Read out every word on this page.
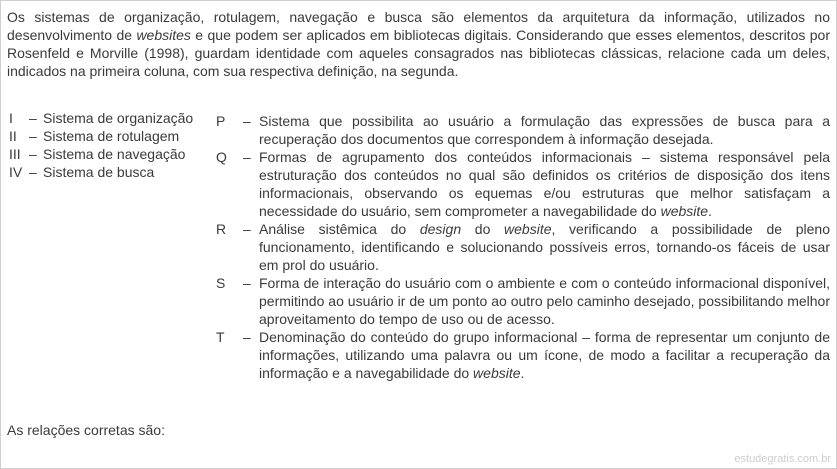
Os sistemas de organização, rotulagem, navegação e busca são elementos da arquitetura da informação, utilizados no desenvolvimento de websites e que podem ser aplicados em bibliotecas digitais. Considerando que esses elementos, descritos por Rosenfeld e Morville (1998), guardam identidade com aqueles consagrados nas bibliotecas clássicas, relacione cada um deles, indicados na primeira coluna, com sua respectiva definição, na segunda.

I	– Sistema de organização
II – Sistema de rotulagem
III – Sistema de navegação
IV – Sistema de busca
P	– Sistema que possibilita ao usuário a formulação das expressões de busca para a recuperação dos documentos que correspondem à informação desejada.

Q	– Formas de agrupamento dos conteúdos informacionais – sistema responsável pela estruturação dos conteúdos no qual são definidos os critérios de disposição dos itens informacionais, observando os equemas e/ou estruturas que melhor satisfaçam a necessidade do usuário, sem comprometer a navegabilidade do website.

R	– Análise sistêmica do design do website, verificando a possibilidade de pleno funcionamento, identificando e solucionando possíveis erros, tornando-os fáceis de usar em prol do usuário.

S	– Forma de interação do usuário com o ambiente e com o conteúdo informacional disponível, permitindo ao usuário ir de um ponto ao outro pelo caminho desejado, possibilitando melhor aproveitamento do tempo de uso ou de acesso.

T	– Denominação do conteúdo do grupo informacional – forma de representar um conjunto de informações, utilizando uma palavra ou um ícone, de modo a facilitar a recuperação da informação e a navegabilidade do website.

As relações corretas são:

estudegratis.com.br
